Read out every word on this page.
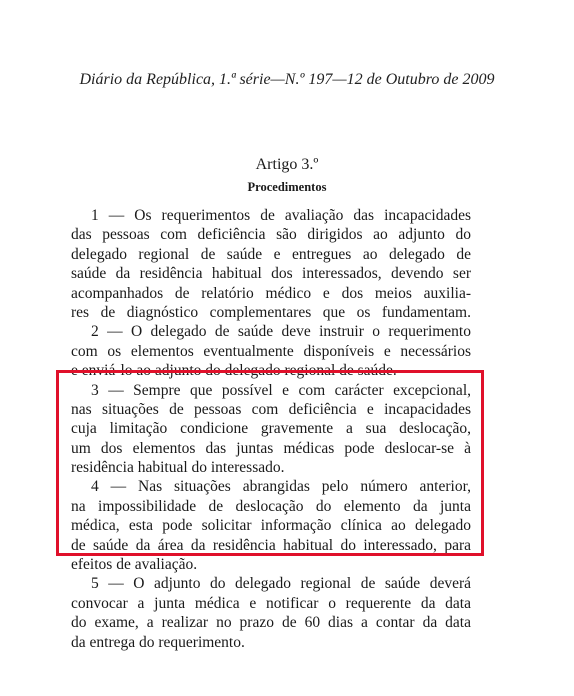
Diário da República, 1.ª série—N.º 197—12 de Outubro de 2009
Artigo 3.º
Procedimentos
1 — Os requerimentos de avaliação das incapacidades
das pessoas com deficiência são dirigidos ao adjunto do
delegado regional de saúde e entregues ao delegado de
saúde da residência habitual dos interessados, devendo ser
acompanhados de relatório médico e dos meios auxilia-
res de diagnóstico complementares que os fundamentam.
2 — O delegado de saúde deve instruir o requerimento
com os elementos eventualmente disponíveis e necessários
e enviá-lo ao adjunto do delegado regional de saúde.
3 — Sempre que possível e com carácter excepcional,
nas situações de pessoas com deficiência e incapacidades
cuja limitação condicione gravemente a sua deslocação,
um dos elementos das juntas médicas pode deslocar-se à
residência habitual do interessado.
4 — Nas situações abrangidas pelo número anterior,
na impossibilidade de deslocação do elemento da junta
médica, esta pode solicitar informação clínica ao delegado
de saúde da área da residência habitual do interessado, para
efeitos de avaliação.
5 — O adjunto do delegado regional de saúde deverá
convocar a junta médica e notificar o requerente da data
do exame, a realizar no prazo de 60 dias a contar da data
da entrega do requerimento.
